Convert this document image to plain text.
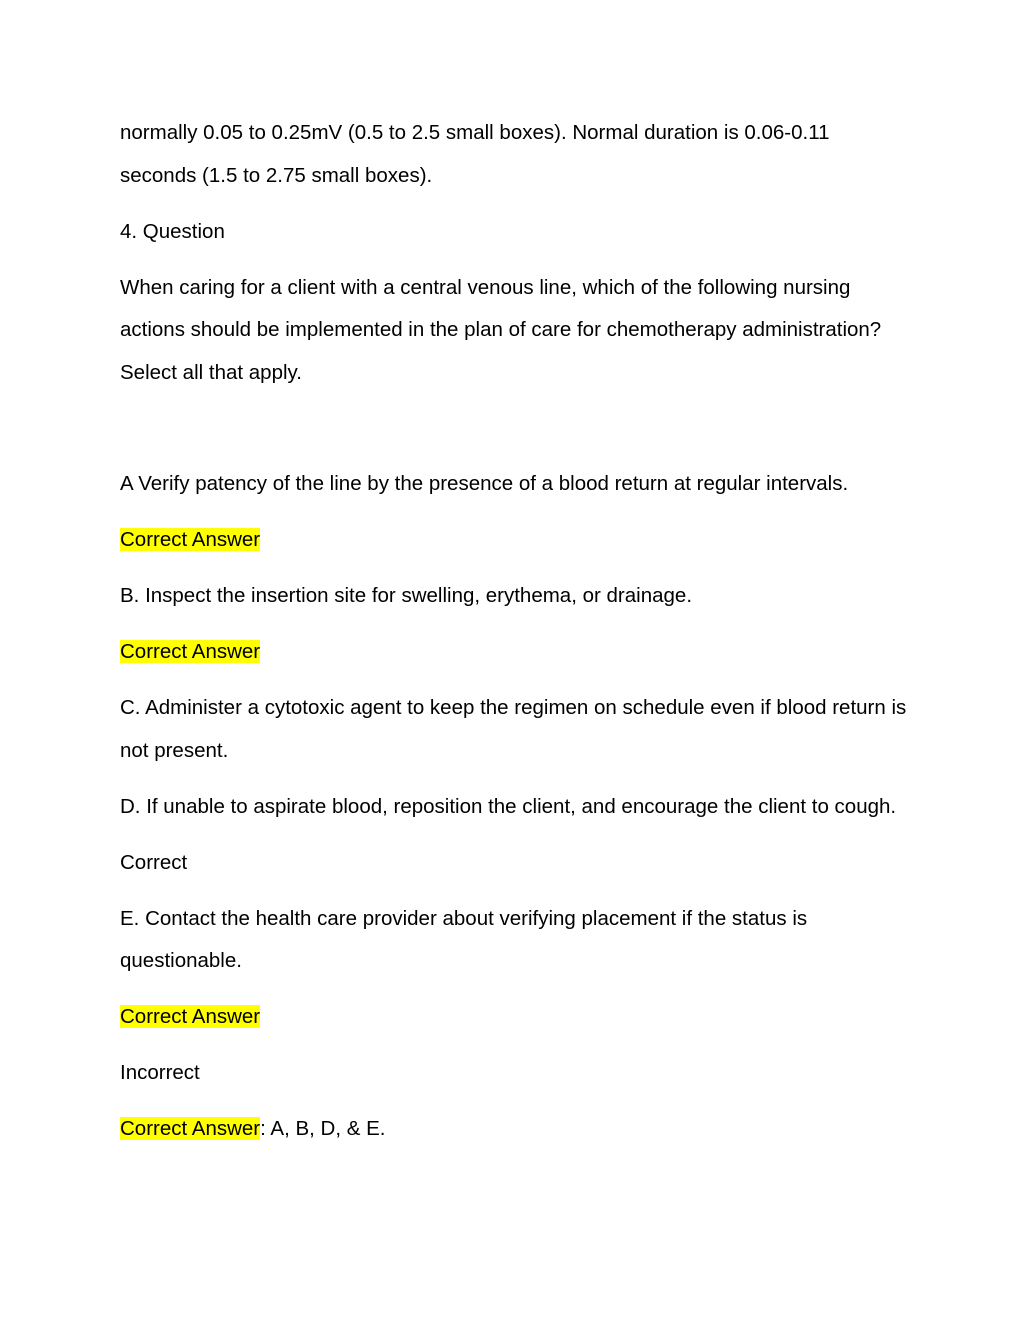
normally 0.05 to 0.25mV (0.5 to 2.5 small boxes). Normal duration is 0.06-0.11 seconds (1.5 to 2.75 small boxes).

4. Question

When caring for a client with a central venous line, which of the following nursing actions should be implemented in the plan of care for chemotherapy administration? Select all that apply.

A Verify patency of the line by the presence of a blood return at regular intervals.

Correct Answer

B. Inspect the insertion site for swelling, erythema, or drainage.

Correct Answer

C. Administer a cytotoxic agent to keep the regimen on schedule even if blood return is not present.

D. If unable to aspirate blood, reposition the client, and encourage the client to cough.

Correct

E. Contact the health care provider about verifying placement if the status is questionable.

Correct Answer

Incorrect

Correct Answer: A, B, D, & E.
